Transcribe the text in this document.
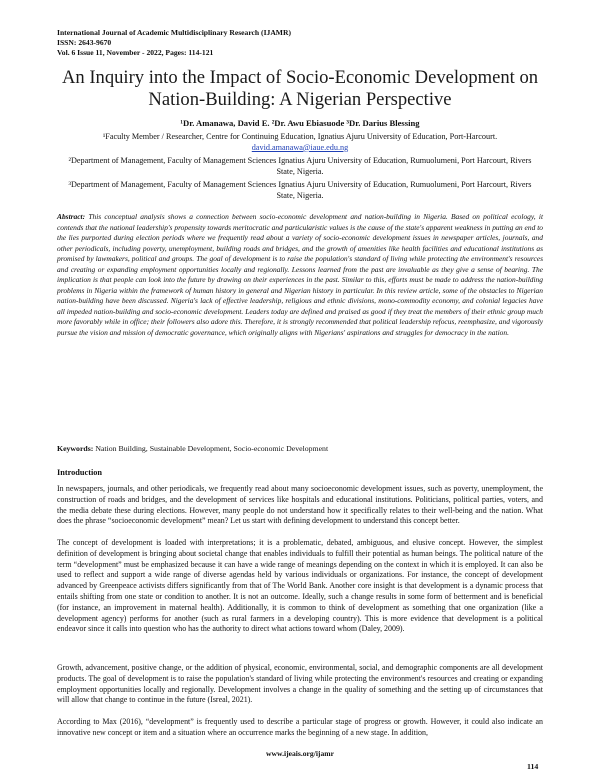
International Journal of Academic Multidisciplinary Research (IJAMR)
ISSN: 2643-9670
Vol. 6 Issue 11, November - 2022, Pages: 114-121
An Inquiry into the Impact of Socio-Economic Development on Nation-Building: A Nigerian Perspective
¹Dr. Amanawa, David E. ²Dr. Awu Ebiasuode ³Dr. Darius Blessing
¹Faculty Member / Researcher, Centre for Continuing Education, Ignatius Ajuru University of Education, Port-Harcourt.
david.amanawa@iaue.edu.ng
²Department of Management, Faculty of Management Sciences Ignatius Ajuru University of Education, Rumuolumeni, Port Harcourt, Rivers State, Nigeria.
³Department of Management, Faculty of Management Sciences Ignatius Ajuru University of Education, Rumuolumeni, Port Harcourt, Rivers State, Nigeria.
Abstract: This conceptual analysis shows a connection between socio-economic development and nation-building in Nigeria. Based on political ecology, it contends that the national leadership's propensity towards meritocratic and particularistic values is the cause of the state's apparent weakness in putting an end to the lies purported during election periods where we frequently read about a variety of socio-economic development issues in newspaper articles, journals, and other periodicals, including poverty, unemployment, building roads and bridges, and the growth of amenities like health facilities and educational institutions as promised by lawmakers, political and groups. The goal of development is to raise the population's standard of living while protecting the environment's resources and creating or expanding employment opportunities locally and regionally. Lessons learned from the past are invaluable as they give a sense of bearing. The implication is that people can look into the future by drawing on their experiences in the past. Similar to this, efforts must be made to address the nation-building problems in Nigeria within the framework of human history in general and Nigerian history in particular. In this review article, some of the obstacles to Nigerian nation-building have been discussed. Nigeria's lack of effective leadership, religious and ethnic divisions, mono-commodity economy, and colonial legacies have all impeded nation-building and socio-economic development. Leaders today are defined and praised as good if they treat the members of their ethnic group much more favorably while in office; their followers also adore this. Therefore, it is strongly recommended that political leadership refocus, reemphasize, and vigorously pursue the vision and mission of democratic governance, which originally aligns with Nigerians' aspirations and struggles for democracy in the nation.
Keywords: Nation Building, Sustainable Development, Socio-economic Development
Introduction
In newspapers, journals, and other periodicals, we frequently read about many socioeconomic development issues, such as poverty, unemployment, the construction of roads and bridges, and the development of services like hospitals and educational institutions. Politicians, political parties, voters, and the media debate these during elections. However, many people do not understand how it specifically relates to their well-being and the nation. What does the phrase “socioeconomic development” mean? Let us start with defining development to understand this concept better.
The concept of development is loaded with interpretations; it is a problematic, debated, ambiguous, and elusive concept. However, the simplest definition of development is bringing about societal change that enables individuals to fulfill their potential as human beings. The political nature of the term “development” must be emphasized because it can have a wide range of meanings depending on the context in which it is employed. It can also be used to reflect and support a wide range of diverse agendas held by various individuals or organizations. For instance, the concept of development advanced by Greenpeace activists differs significantly from that of The World Bank. Another core insight is that development is a dynamic process that entails shifting from one state or condition to another. It is not an outcome. Ideally, such a change results in some form of betterment and is beneficial (for instance, an improvement in maternal health). Additionally, it is common to think of development as something that one organization (like a development agency) performs for another (such as rural farmers in a developing country). This is more evidence that development is a political endeavor since it calls into question who has the authority to direct what actions toward whom (Daley, 2009).
Growth, advancement, positive change, or the addition of physical, economic, environmental, social, and demographic components are all development products. The goal of development is to raise the population's standard of living while protecting the environment's resources and creating or expanding employment opportunities locally and regionally. Development involves a change in the quality of something and the setting up of circumstances that will allow that change to continue in the future (Isreal, 2021).
According to Max (2016), “development” is frequently used to describe a particular stage of progress or growth. However, it could also indicate an innovative new concept or item and a situation where an occurrence marks the beginning of a new stage. In addition,
www.ijeais.org/ijamr
114
